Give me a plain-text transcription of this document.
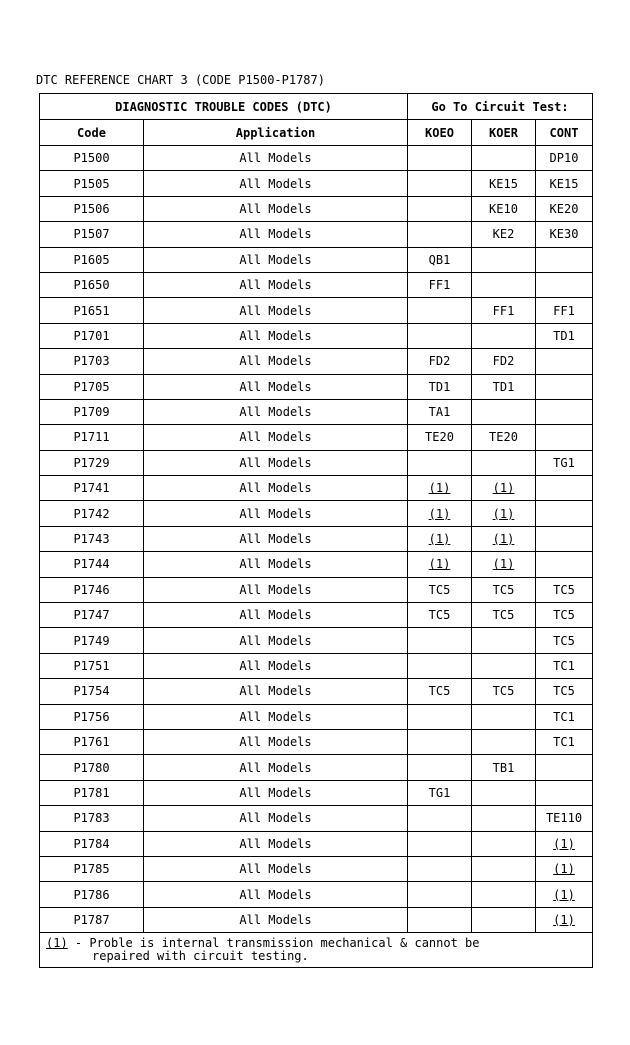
DTC REFERENCE CHART 3 (CODE P1500-P1787)
DIAGNOSTIC TROUBLE CODES (DTC)		Go To Circuit Test:		
Code	Application	KOEO	KOER	CONT
P1500	All Models			DP10
P1505	All Models		KE15	KE15
P1506	All Models		KE10	KE20
P1507	All Models		KE2	KE30
P1605	All Models	QB1		
P1650	All Models	FF1		
P1651	All Models		FF1	FF1
P1701	All Models			TD1
P1703	All Models	FD2	FD2	
P1705	All Models	TD1	TD1	
P1709	All Models	TA1		
P1711	All Models	TE20	TE20	
P1729	All Models			TG1
P1741	All Models	(1)	(1)	
P1742	All Models	(1)	(1)	
P1743	All Models	(1)	(1)	
P1744	All Models	(1)	(1)	
P1746	All Models	TC5	TC5	TC5
P1747	All Models	TC5	TC5	TC5
P1749	All Models			TC5
P1751	All Models			TC1
P1754	All Models	TC5	TC5	TC5
P1756	All Models			TC1
P1761	All Models			TC1
P1780	All Models		TB1	
P1781	All Models	TG1		
P1783	All Models			TE110
P1784	All Models			(1)
P1785	All Models			(1)
P1786	All Models			(1)
P1787	All Models			(1)
(1) - Proble is internal transmission mechanical & cannot be
repaired with circuit testing.				
